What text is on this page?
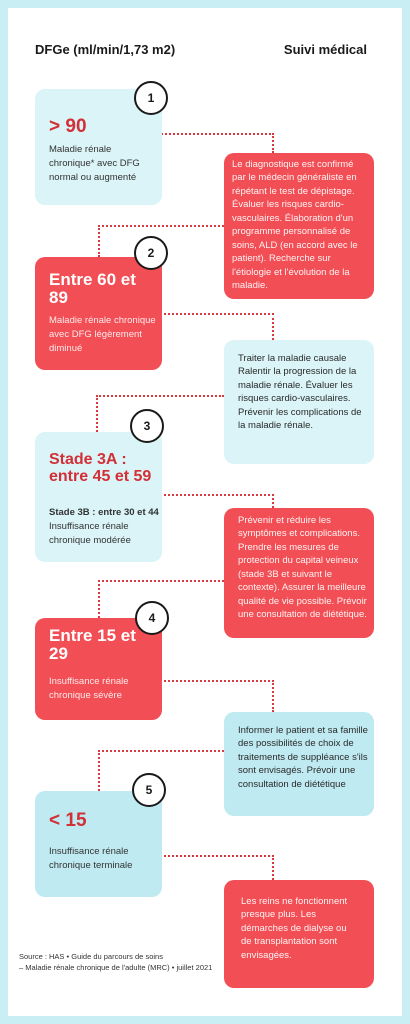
DFGe (ml/min/1,73 m2)	Suivi médical
> 90
Maladie rénale chronique* avec DFG normal ou augmenté
1
Le diagnostique est confirmé par le médecin généraliste en répétant le test de dépistage. Évaluer les risques cardio-vasculaires. Élaboration d'un programme personnalisé de soins, ALD (en accord avec le patient). Recherche sur l'étiologie et l'évolution de la maladie.
Entre 60 et 89
Maladie rénale chronique avec DFG légèrement diminué
2
Traiter la maladie causale Ralentir la progression de la maladie rénale. Évaluer les risques cardio-vasculaires. Prévenir les complications de la maladie rénale.
Stade 3A : entre 45 et 59
Stade 3B : entre 30 et 44 Insuffisance rénale chronique modérée
3
Prévenir et réduire les symptômes et complications. Prendre les mesures de protection du capital veineux (stade 3B et suivant le contexte). Assurer la meilleure qualité de vie possible. Prévoir une consultation de diététique.
Entre 15 et 29
Insuffisance rénale chronique sévère
4
Informer le patient et sa famille des possibilités de choix de traitements de suppléance s'ils sont envisagés. Prévoir une consultation de diététique
< 15
Insuffisance rénale chronique terminale
5
Les reins ne fonctionnent presque plus. Les démarches de dialyse ou de transplantation sont envisagées.
Source : HAS • Guide du parcours de soins
– Maladie rénale chronique de l'adulte (MRC) • juillet 2021
